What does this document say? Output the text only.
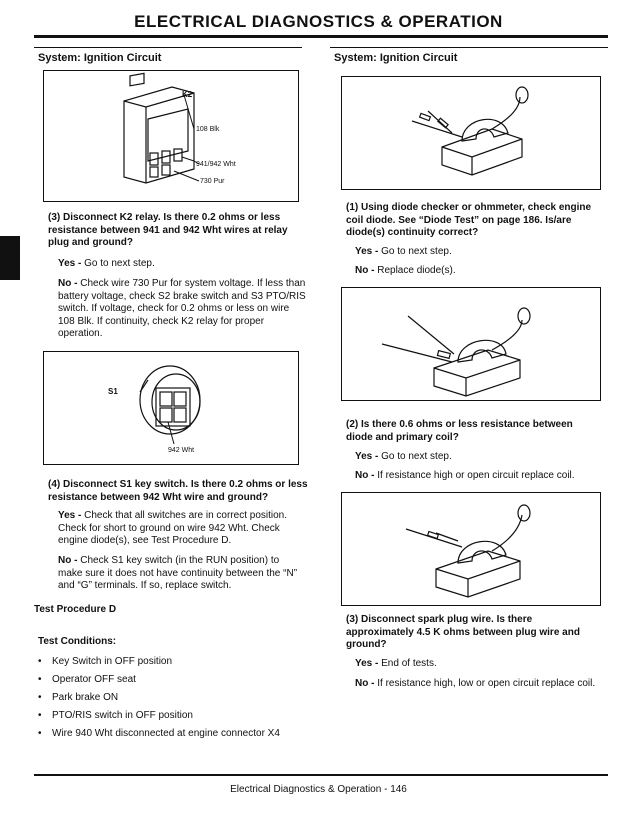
ELECTRICAL DIAGNOSTICS & OPERATION
System: Ignition Circuit
K2
108 Blk
941/942 Wht
730 Pur
(3) Disconnect K2 relay. Is there 0.2 ohms or less resistance between 941 and 942 Wht wires at relay plug and ground?
Yes - Go to next step.
No - Check wire 730 Pur for system voltage. If less than battery voltage, check S2 brake switch and S3 PTO/RIS switch. If voltage, check for 0.2 ohms or less on wire 108 Blk. If continuity, check K2 relay for proper operation.
S1
942 Wht
(4) Disconnect S1 key switch. Is there 0.2 ohms or less resistance between 942 Wht wire and ground?
Yes - Check that all switches are in correct position. Check for short to ground on wire 942 Wht. Check engine diode(s), see Test Procedure D.
No - Check S1 key switch (in the RUN position) to make sure it does not have continuity between the “N” and “G” terminals. If so, replace switch.
Test Procedure D
Test Conditions:
• Key Switch in OFF position
• Operator OFF seat
• Park brake ON
• PTO/RIS switch in OFF position
• Wire 940 Wht disconnected at engine connector X4
System: Ignition Circuit
(1) Using diode checker or ohmmeter, check engine coil diode. See “Diode Test” on page 186. Is/are diode(s) continuity correct?
Yes - Go to next step.
No - Replace diode(s).
(2) Is there 0.6 ohms or less resistance between diode and primary coil?
Yes - Go to next step.
No - If resistance high or open circuit replace coil.
(3) Disconnect spark plug wire. Is there approximately 4.5 K ohms between plug wire and ground?
Yes - End of tests.
No - If resistance high, low or open circuit replace coil.
Electrical Diagnostics & Operation - 146
